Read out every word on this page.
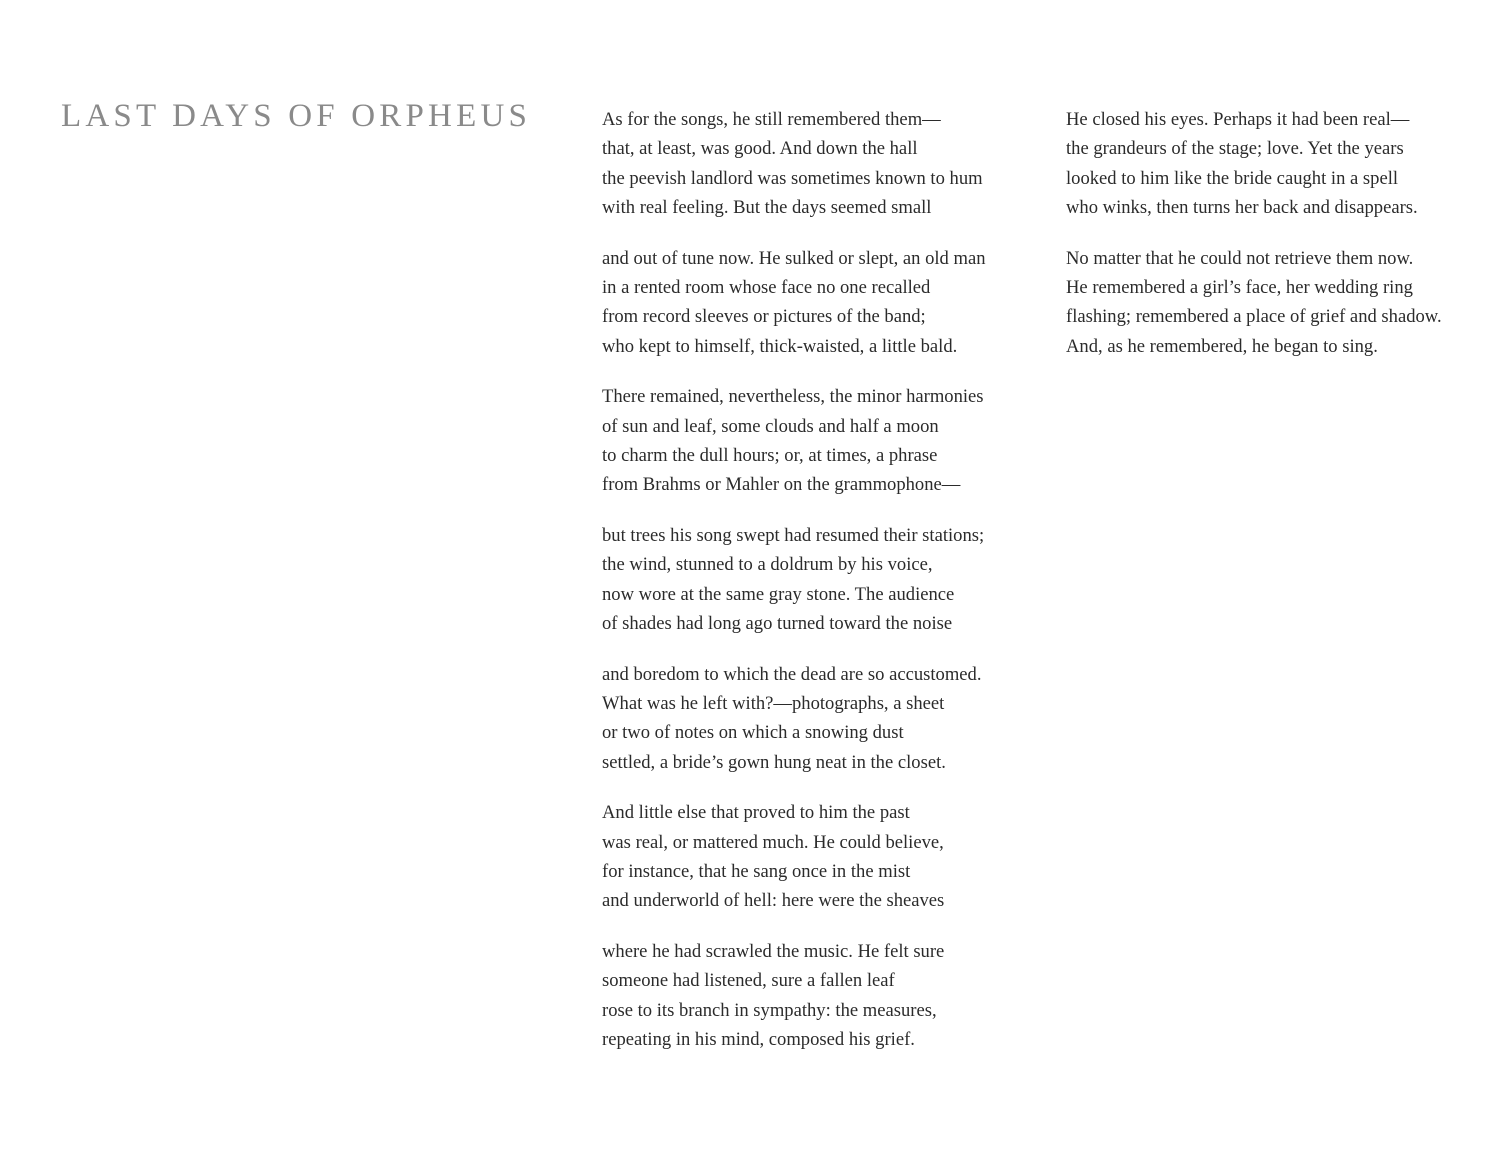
LAST DAYS OF ORPHEUS	As for the songs, he still remembered them—
that, at least, was good. And down the hall
the peevish landlord was sometimes known to hum
with real feeling. But the days seemed small

and out of tune now. He sulked or slept, an old man
in a rented room whose face no one recalled
from record sleeves or pictures of the band;
who kept to himself, thick-waisted, a little bald.

There remained, nevertheless, the minor harmonies
of sun and leaf, some clouds and half a moon
to charm the dull hours; or, at times, a phrase
from Brahms or Mahler on the grammophone—

but trees his song swept had resumed their stations;
the wind, stunned to a doldrum by his voice,
now wore at the same gray stone. The audience
of shades had long ago turned toward the noise

and boredom to which the dead are so accustomed.
What was he left with?—photographs, a sheet
or two of notes on which a snowing dust
settled, a bride’s gown hung neat in the closet.

And little else that proved to him the past
was real, or mattered much. He could believe,
for instance, that he sang once in the mist
and underworld of hell: here were the sheaves

where he had scrawled the music. He felt sure
someone had listened, sure a fallen leaf
rose to its branch in sympathy: the measures,
repeating in his mind, composed his grief.

He closed his eyes. Perhaps it had been real—
the grandeurs of the stage; love. Yet the years
looked to him like the bride caught in a spell
who winks, then turns her back and disappears.

No matter that he could not retrieve them now.
He remembered a girl’s face, her wedding ring
flashing; remembered a place of grief and shadow.
And, as he remembered, he began to sing.
